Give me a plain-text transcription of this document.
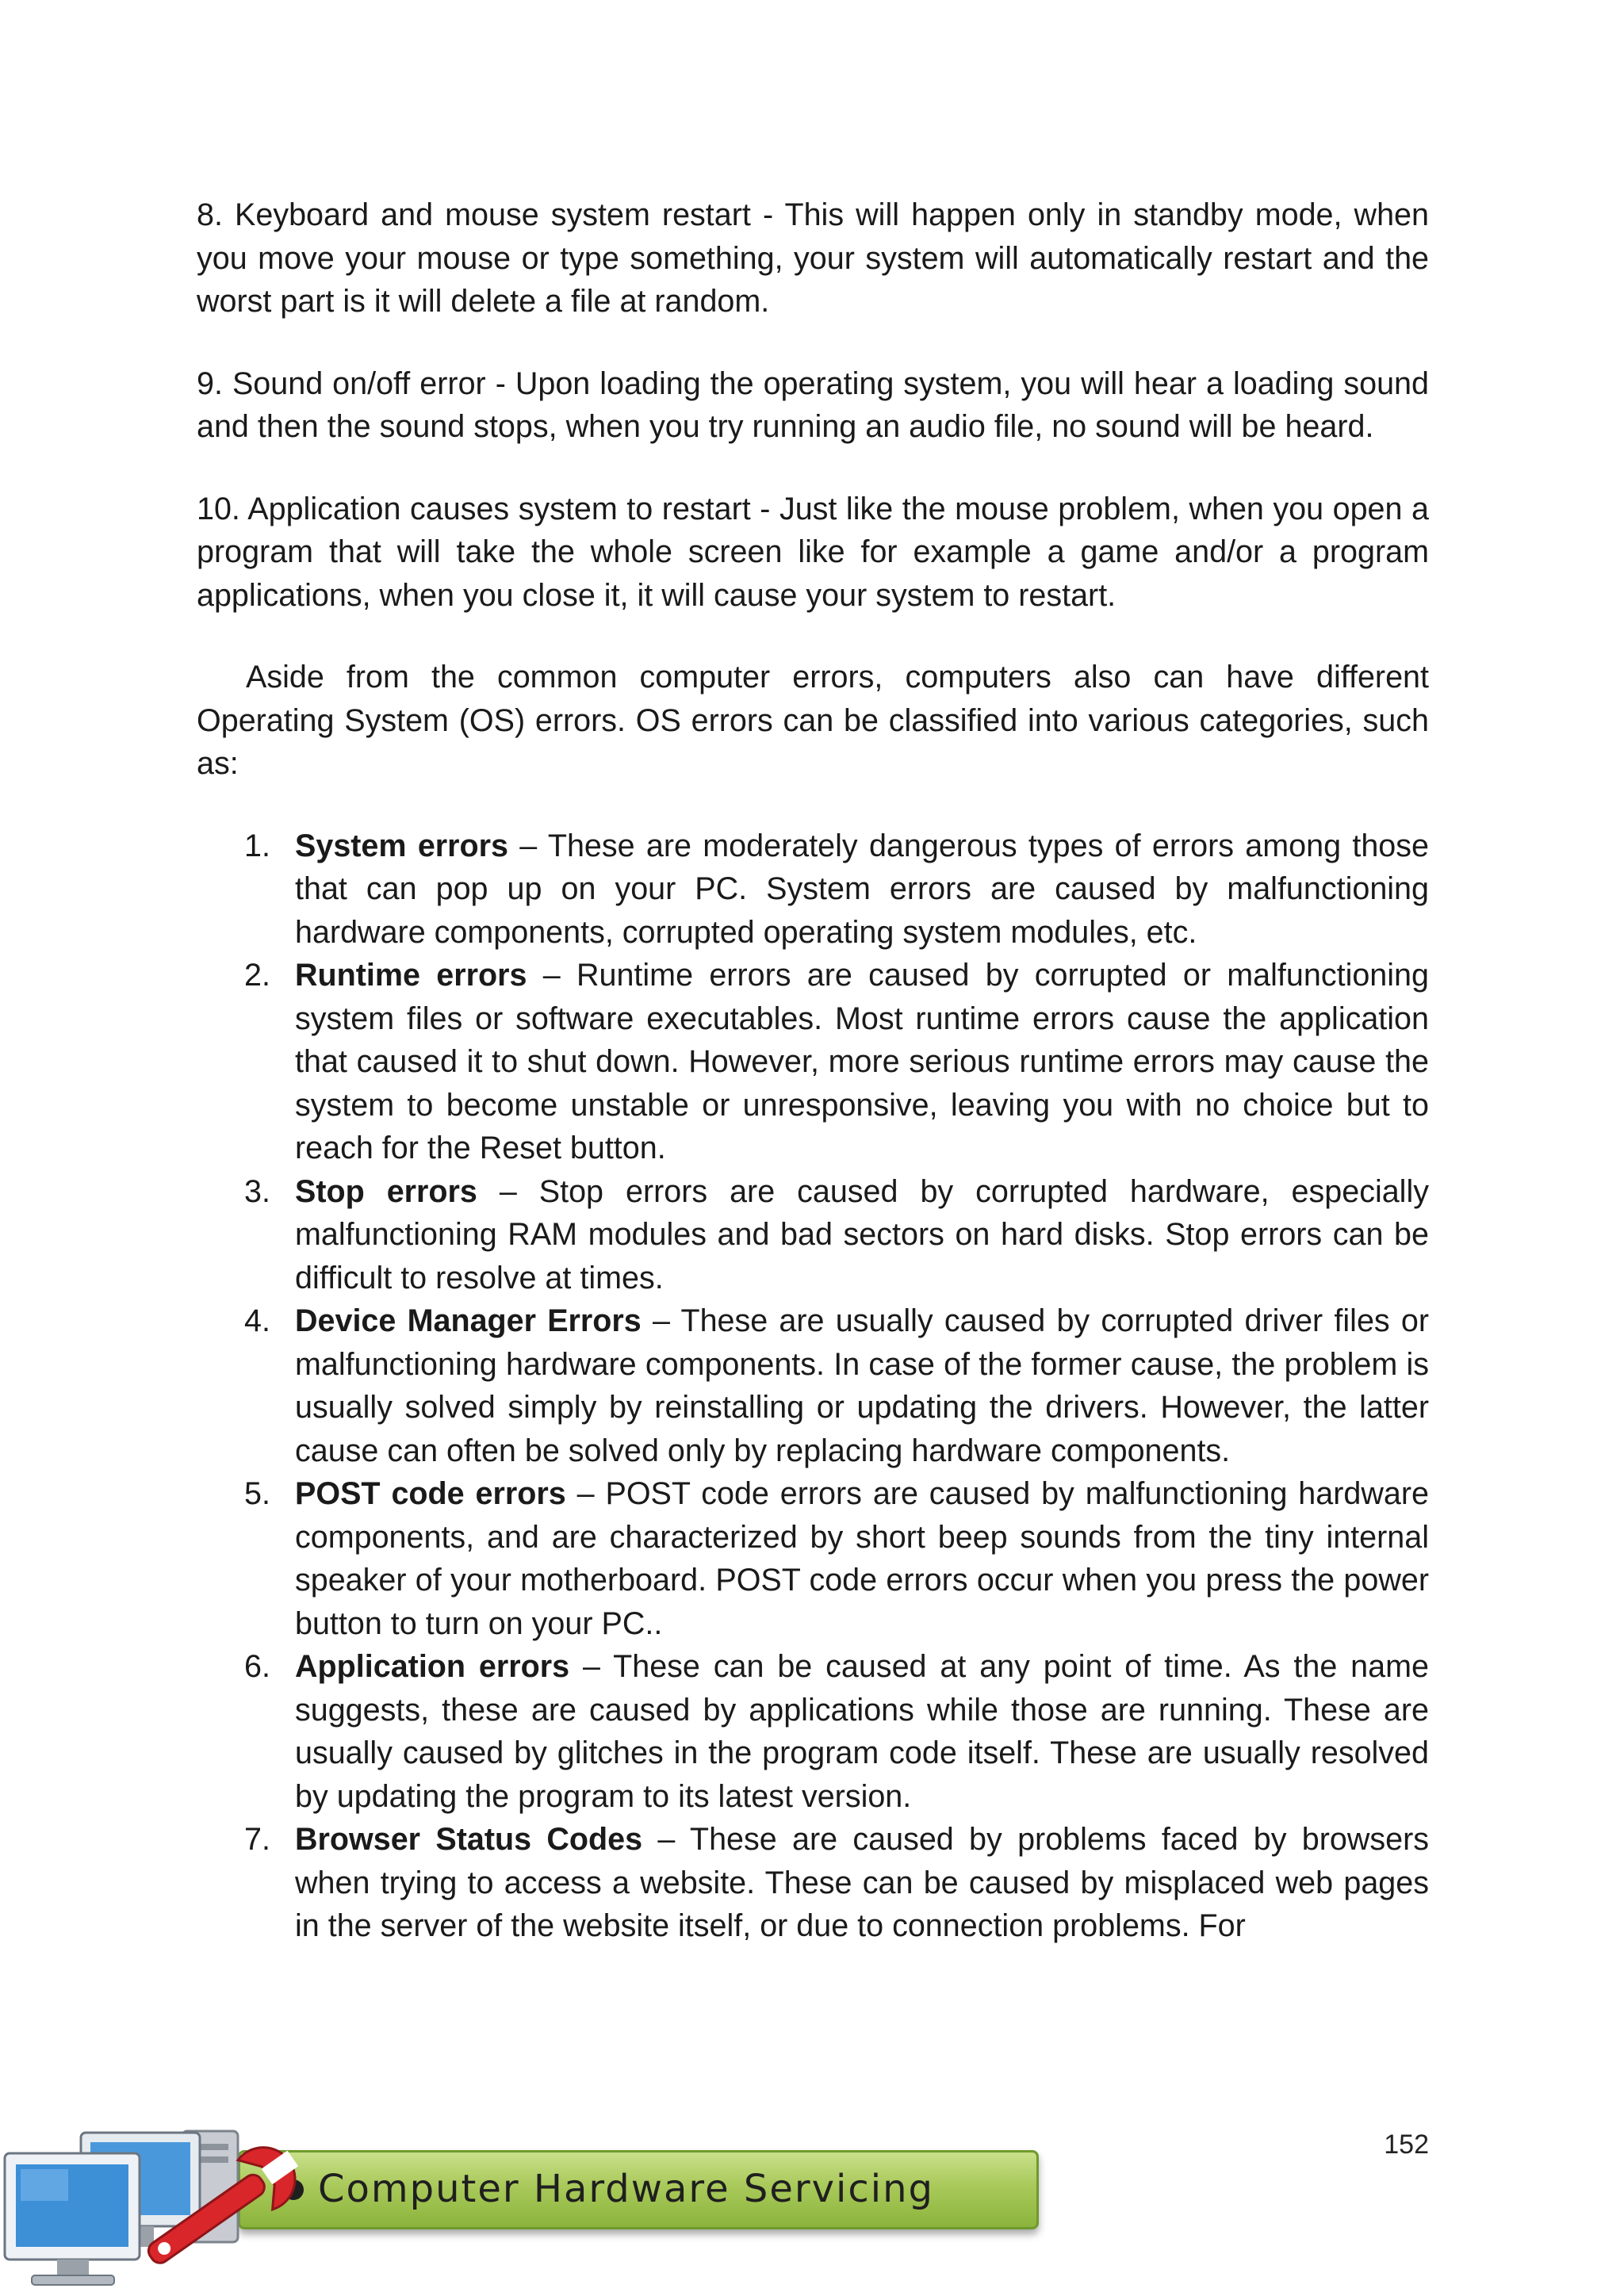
8. Keyboard and mouse system restart - This will happen only in standby mode, when you move your mouse or type something, your system will automatically restart and the worst part is it will delete a file at random.

9. Sound on/off error - Upon loading the operating system, you will hear a loading sound and then the sound stops, when you try running an audio file, no sound will be heard.

10. Application causes system to restart - Just like the mouse problem, when you open a program that will take the whole screen like for example a game and/or a program applications, when you close it, it will cause your system to restart.

Aside from the common computer errors, computers also can have different Operating System (OS) errors. OS errors can be classified into various categories, such as:

1. System errors – These are moderately dangerous types of errors among those that can pop up on your PC. System errors are caused by malfunctioning hardware components, corrupted operating system modules, etc.
2. Runtime errors – Runtime errors are caused by corrupted or malfunctioning system files or software executables. Most runtime errors cause the application that caused it to shut down. However, more serious runtime errors may cause the system to become unstable or unresponsive, leaving you with no choice but to reach for the Reset button.
3. Stop errors – Stop errors are caused by corrupted hardware, especially malfunctioning RAM modules and bad sectors on hard disks. Stop errors can be difficult to resolve at times.
4. Device Manager Errors – These are usually caused by corrupted driver files or malfunctioning hardware components. In case of the former cause, the problem is usually solved simply by reinstalling or updating the drivers. However, the latter cause can often be solved only by replacing hardware components.
5. POST code errors – POST code errors are caused by malfunctioning hardware components, and are characterized by short beep sounds from the tiny internal speaker of your motherboard. POST code errors occur when you press the power button to turn on your PC..
6. Application errors – These can be caused at any point of time. As the name suggests, these are caused by applications while those are running. These are usually caused by glitches in the program code itself. These are usually resolved by updating the program to its latest version.
7. Browser Status Codes – These are caused by problems faced by browsers when trying to access a website. These can be caused by misplaced web pages in the server of the website itself, or due to connection problems. For
152
Computer Hardware Servicing
